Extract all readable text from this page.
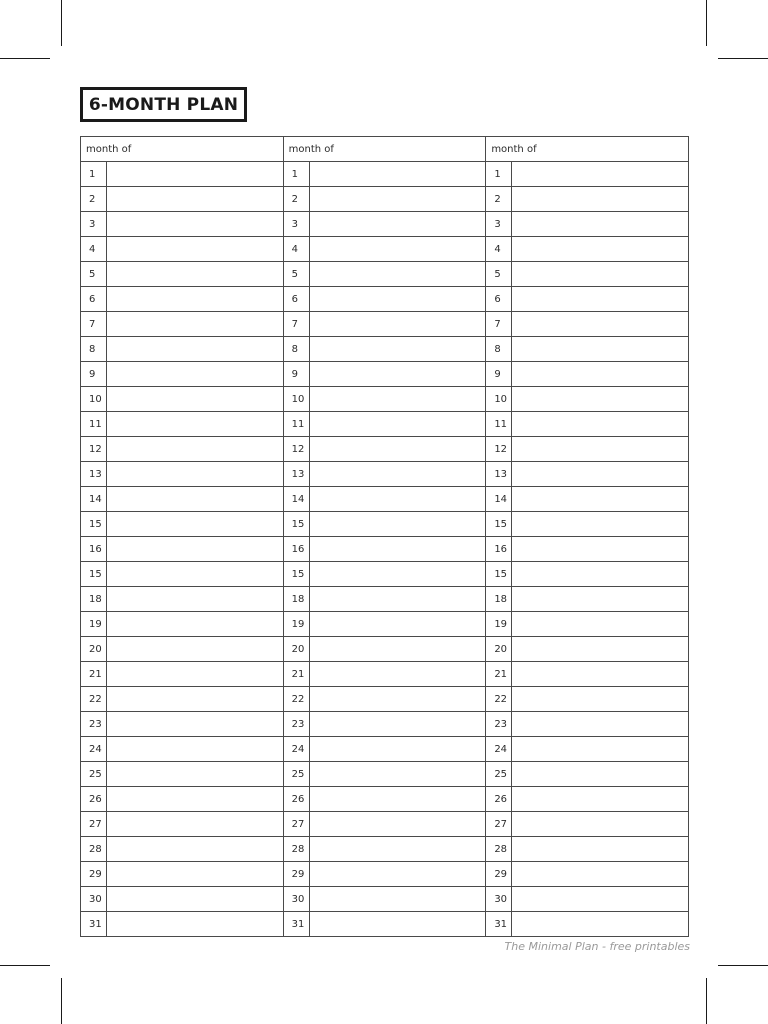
6-MONTH PLAN
month of
1
2
3
4
5
6
7
8
9
10
11
12
13
14
15
16
15
18
19
20
21
22
23
24
25
26
27
28
29
30
31
month of
1
2
3
4
5
6
7
8
9
10
11
12
13
14
15
16
15
18
19
20
21
22
23
24
25
26
27
28
29
30
31
month of
1
2
3
4
5
6
7
8
9
10
11
12
13
14
15
16
15
18
19
20
21
22
23
24
25
26
27
28
29
30
31
The Minimal Plan - free printables
